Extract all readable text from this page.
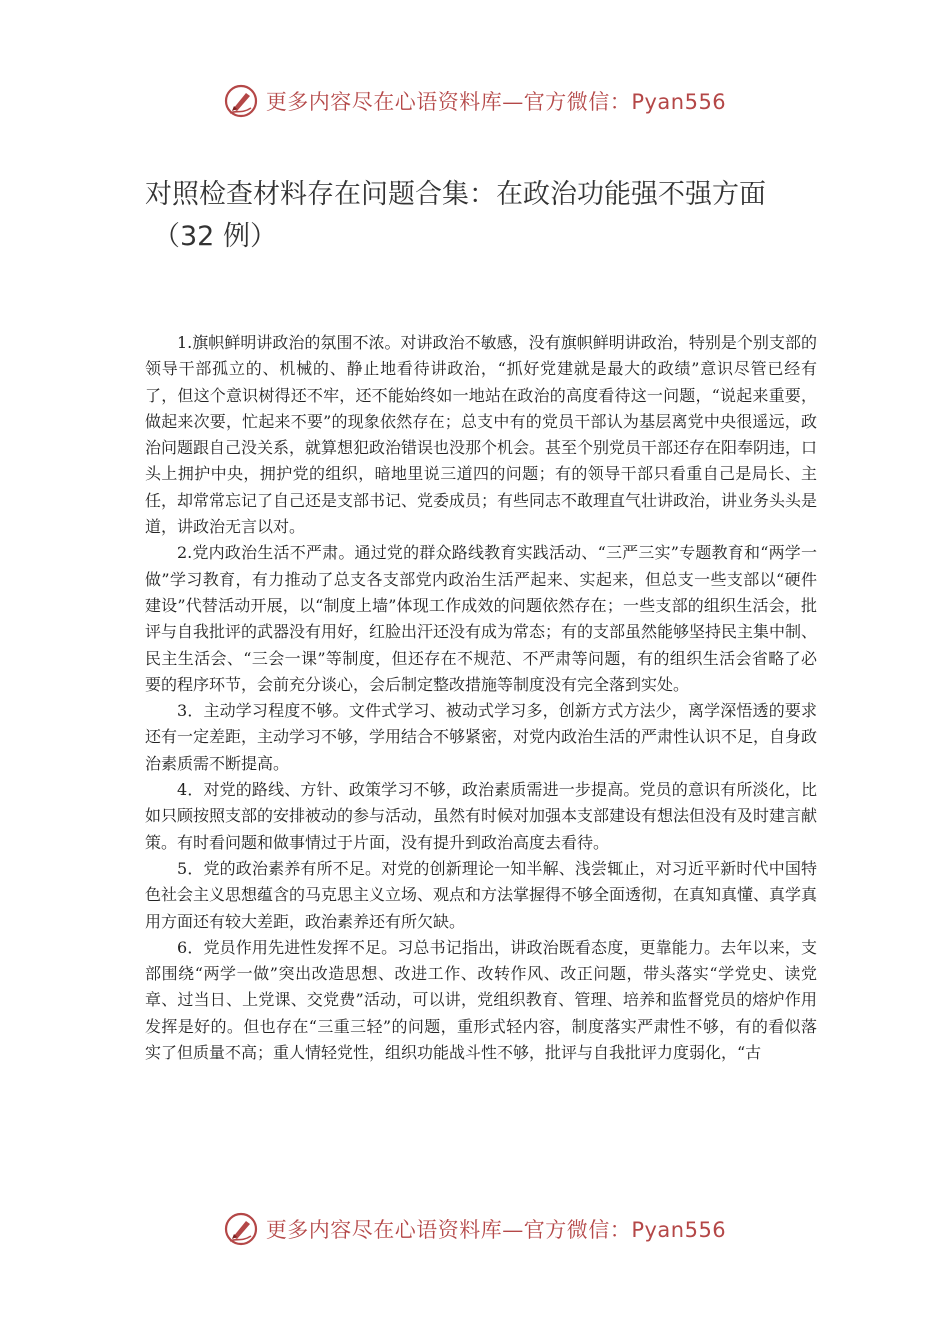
更多内容尽在心语资料库—官方微信：Pyan556
对照检查材料存在问题合集：在政治功能强不强方面
（32 例）

1.旗帜鲜明讲政治的氛围不浓。对讲政治不敏感，没有旗帜鲜明讲政治，特别是个别支部的领导干部孤立的、机械的、静止地看待讲政治，“抓好党建就是最大的政绩”意识尽管已经有了，但这个意识树得还不牢，还不能始终如一地站在政治的高度看待这一问题，“说起来重要，做起来次要，忙起来不要”的现象依然存在；总支中有的党员干部认为基层离党中央很遥远，政治问题跟自己没关系，就算想犯政治错误也没那个机会。甚至个别党员干部还存在阳奉阴违，口头上拥护中央，拥护党的组织，暗地里说三道四的问题；有的领导干部只看重自己是局长、主任，却常常忘记了自己还是支部书记、党委成员；有些同志不敢理直气壮讲政治，讲业务头头是道，讲政治无言以对。

2.党内政治生活不严肃。通过党的群众路线教育实践活动、“三严三实”专题教育和“两学一做”学习教育，有力推动了总支各支部党内政治生活严起来、实起来，但总支一些支部以“硬件建设”代替活动开展，以“制度上墙”体现工作成效的问题依然存在；一些支部的组织生活会，批评与自我批评的武器没有用好，红脸出汗还没有成为常态；有的支部虽然能够坚持民主集中制、民主生活会、“三会一课”等制度，但还存在不规范、不严肃等问题，有的组织生活会省略了必要的程序环节，会前充分谈心，会后制定整改措施等制度没有完全落到实处。

3．主动学习程度不够。文件式学习、被动式学习多，创新方式方法少，离学深悟透的要求还有一定差距，主动学习不够，学用结合不够紧密，对党内政治生活的严肃性认识不足，自身政治素质需不断提高。

4．对党的路线、方针、政策学习不够，政治素质需进一步提高。党员的意识有所淡化，比如只顾按照支部的安排被动的参与活动，虽然有时候对加强本支部建设有想法但没有及时建言献策。有时看问题和做事情过于片面，没有提升到政治高度去看待。

5．党的政治素养有所不足。对党的创新理论一知半解、浅尝辄止，对习近平新时代中国特色社会主义思想蕴含的马克思主义立场、观点和方法掌握得不够全面透彻，在真知真懂、真学真用方面还有较大差距，政治素养还有所欠缺。

6．党员作用先进性发挥不足。习总书记指出，讲政治既看态度，更靠能力。去年以来，支部围绕“两学一做”突出改造思想、改进工作、改转作风、改正问题，带头落实“学党史、读党章、过当日、上党课、交党费”活动，可以讲，党组织教育、管理、培养和监督党员的熔炉作用发挥是好的。但也存在“三重三轻”的问题，重形式轻内容，制度落实严肃性不够，有的看似落实了但质量不高；重人情轻党性，组织功能战斗性不够，批评与自我批评力度弱化，“古

更多内容尽在心语资料库—官方微信：Pyan556
